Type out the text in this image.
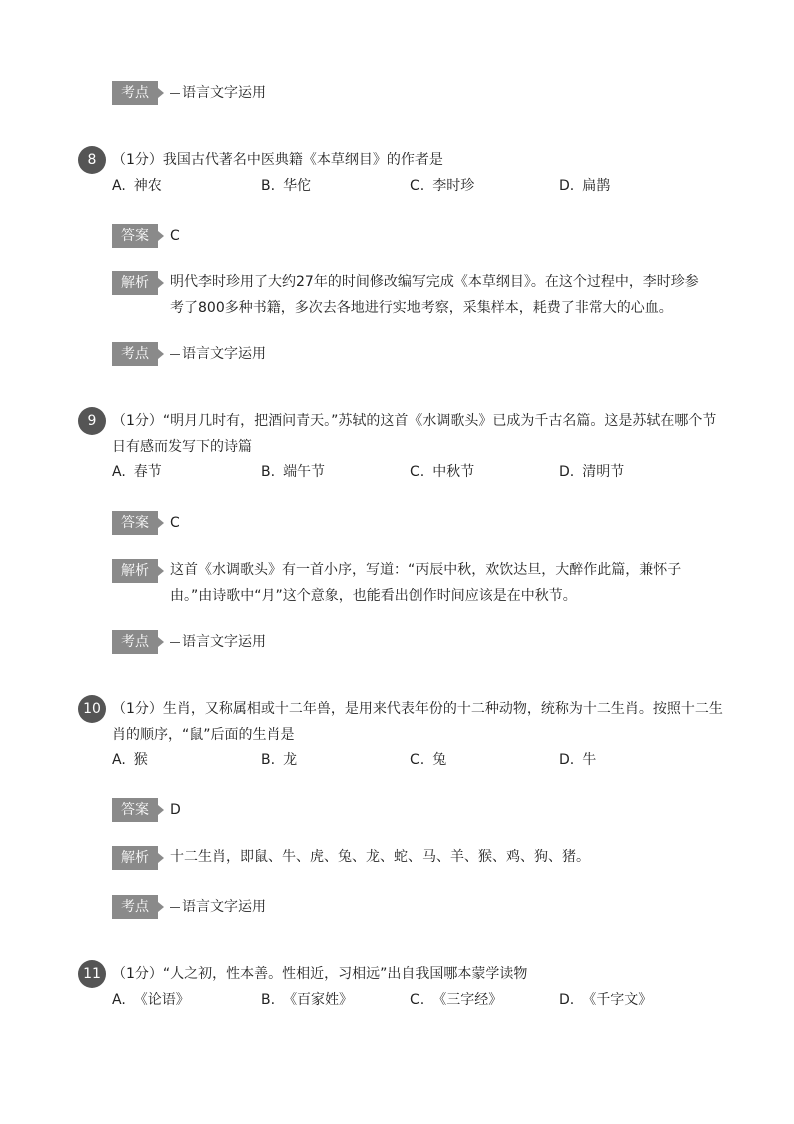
考点	语言文字运用
8	（1分）我国古代著名中医典籍《本草纲目》的作者是
A. 神农	B. 华佗	C. 李时珍	D. 扁鹊
答案	C
解析	明代李时珍用了大约27年的时间修改编写完成《本草纲目》。在这个过程中，李时珍参考了800多种书籍，多次去各地进行实地考察，采集样本，耗费了非常大的心血。
考点	语言文字运用
9	（1分）“明月几时有，把酒问青天。”苏轼的这首《水调歌头》已成为千古名篇。这是苏轼在哪个节日有感而发写下的诗篇
A. 春节	B. 端午节	C. 中秋节	D. 清明节
答案	C
解析	这首《水调歌头》有一首小序，写道：“丙辰中秋，欢饮达旦，大醉作此篇，兼怀子由。”由诗歌中“月”这个意象，也能看出创作时间应该是在中秋节。
考点	语言文字运用
10 （1分）生肖，又称属相或十二年兽，是用来代表年份的十二种动物，统称为十二生肖。按照十二生肖的顺序，“鼠”后面的生肖是
A. 猴	B. 龙	C. 兔	D. 牛
答案	D
解析	十二生肖，即鼠、牛、虎、兔、龙、蛇、马、羊、猴、鸡、狗、猪。
考点	语言文字运用
11 （1分）“人之初，性本善。性相近，习相远”出自我国哪本蒙学读物
A. 《论语》	B. 《百家姓》	C. 《三字经》	D. 《千字文》
